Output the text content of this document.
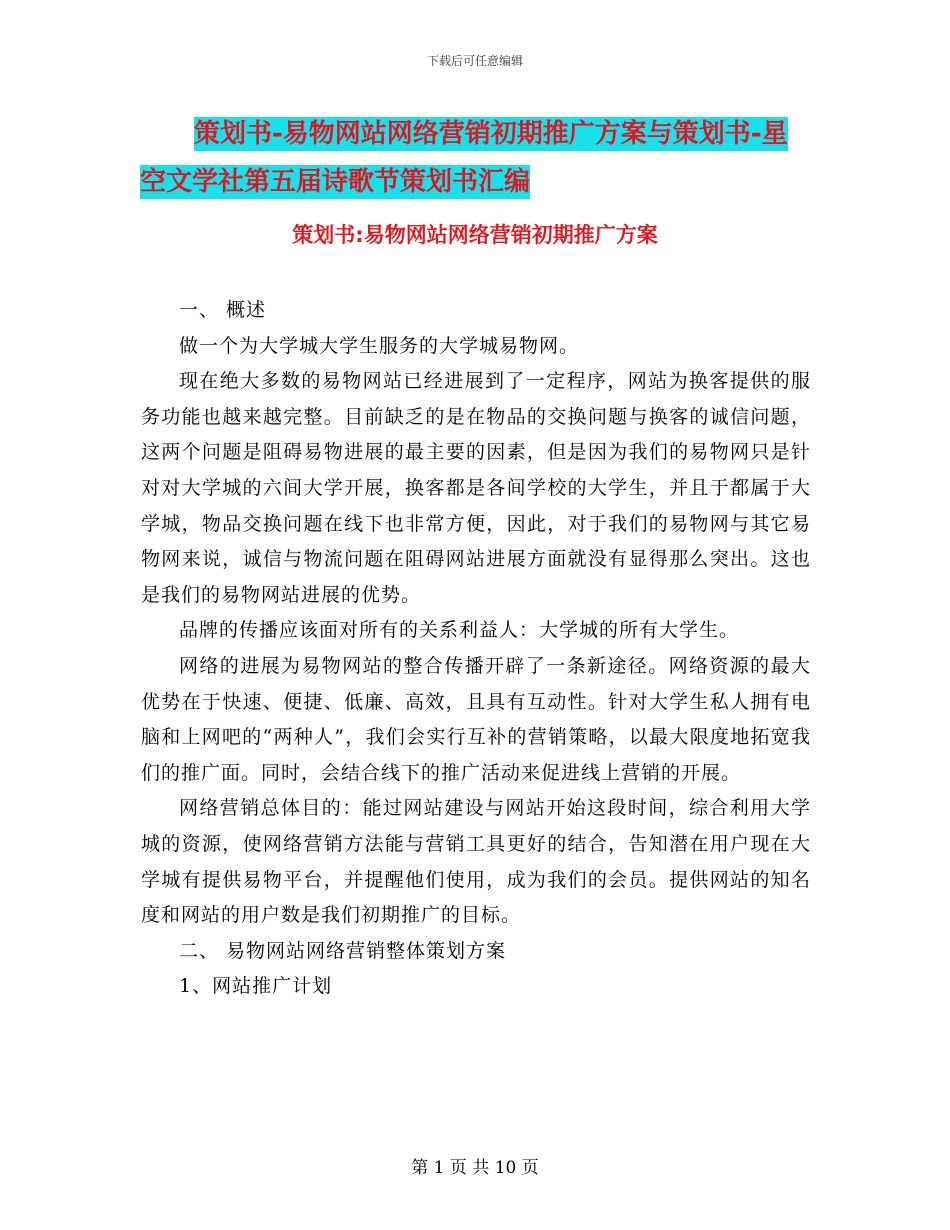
下载后可任意编辑
策划书-易物网站网络营销初期推广方案与策划书-星
空文学社第五届诗歌节策划书汇编
策划书:易物网站网络营销初期推广方案

一、 概述

做一个为大学城大学生服务的大学城易物网。

现在绝大多数的易物网站已经进展到了一定程序，网站为换客提供的服务功能也越来越完整。目前缺乏的是在物品的交换问题与换客的诚信问题，这两个问题是阻碍易物进展的最主要的因素，但是因为我们的易物网只是针对对大学城的六间大学开展，换客都是各间学校的大学生，并且于都属于大学城，物品交换问题在线下也非常方便，因此，对于我们的易物网与其它易物网来说，诚信与物流问题在阻碍网站进展方面就没有显得那么突出。这也是我们的易物网站进展的优势。

品牌的传播应该面对所有的关系利益人：大学城的所有大学生。

网络的进展为易物网站的整合传播开辟了一条新途径。网络资源的最大优势在于快速、便捷、低廉、高效，且具有互动性。针对大学生私人拥有电脑和上网吧的“两种人”，我们会实行互补的营销策略，以最大限度地拓宽我们的推广面。同时，会结合线下的推广活动来促进线上营销的开展。

网络营销总体目的：能过网站建设与网站开始这段时间，综合利用大学城的资源，使网络营销方法能与营销工具更好的结合，告知潜在用户现在大学城有提供易物平台，并提醒他们使用，成为我们的会员。提供网站的知名度和网站的用户数是我们初期推广的目标。

二、 易物网站网络营销整体策划方案

1、网站推广计划

第 1 页 共 10 页
